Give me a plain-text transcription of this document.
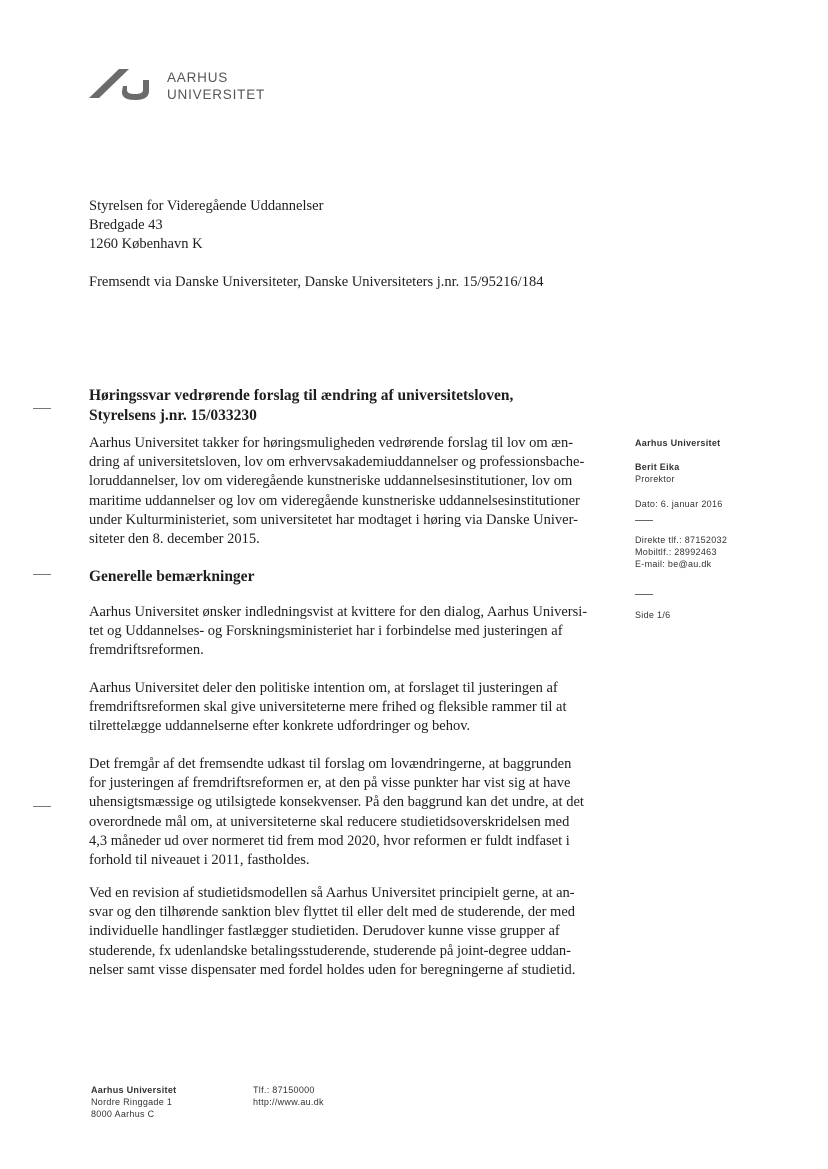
AARHUS
UNIVERSITET
Styrelsen for Videregående Uddannelser
Bredgade 43
1260 København K
Fremsendt via Danske Universiteter, Danske Universiteters j.nr. 15/95216/184
Høringssvar vedrørende forslag til ændring af universitetsloven,
Styrelsens j.nr. 15/033230
Aarhus Universitet takker for høringsmuligheden vedrørende forslag til lov om æn-
dring af universitetsloven, lov om erhvervsakademiuddannelser og professionsbache-
loruddannelser, lov om videregående kunstneriske uddannelsesinstitutioner, lov om
maritime uddannelser og lov om videregående kunstneriske uddannelsesinstitutioner
under Kulturministeriet, som universitetet har modtaget i høring via Danske Univer-
siteter den 8. december 2015.
Generelle bemærkninger
Aarhus Universitet ønsker indledningsvist at kvittere for den dialog, Aarhus Universi-
tet og Uddannelses- og Forskningsministeriet har i forbindelse med justeringen af
fremdriftsreformen.
Aarhus Universitet deler den politiske intention om, at forslaget til justeringen af
fremdriftsreformen skal give universiteterne mere frihed og fleksible rammer til at
tilrettelægge uddannelserne efter konkrete udfordringer og behov.
Det fremgår af det fremsendte udkast til forslag om lovændringerne, at baggrunden
for justeringen af fremdriftsreformen er, at den på visse punkter har vist sig at have
uhensigtsmæssige og utilsigtede konsekvenser. På den baggrund kan det undre, at det
overordnede mål om, at universiteterne skal reducere studietidsoverskridelsen med
4,3 måneder ud over normeret tid frem mod 2020, hvor reformen er fuldt indfaset i
forhold til niveauet i 2011, fastholdes.
Ved en revision af studietidsmodellen så Aarhus Universitet principielt gerne, at an-
svar og den tilhørende sanktion blev flyttet til eller delt med de studerende, der med
individuelle handlinger fastlægger studietiden. Derudover kunne visse grupper af
studerende, fx udenlandske betalingsstuderende, studerende på joint-degree uddan-
nelser samt visse dispensater med fordel holdes uden for beregningerne af studietid.
Aarhus Universitet
Berit Eika
Prorektor
Dato: 6. januar 2016
Direkte tlf.: 87152032
Mobiltlf.: 28992463
E-mail: be@au.dk
Side 1/6
Aarhus Universitet
Nordre Ringgade 1
8000 Aarhus C
Tlf.: 87150000
http://www.au.dk
